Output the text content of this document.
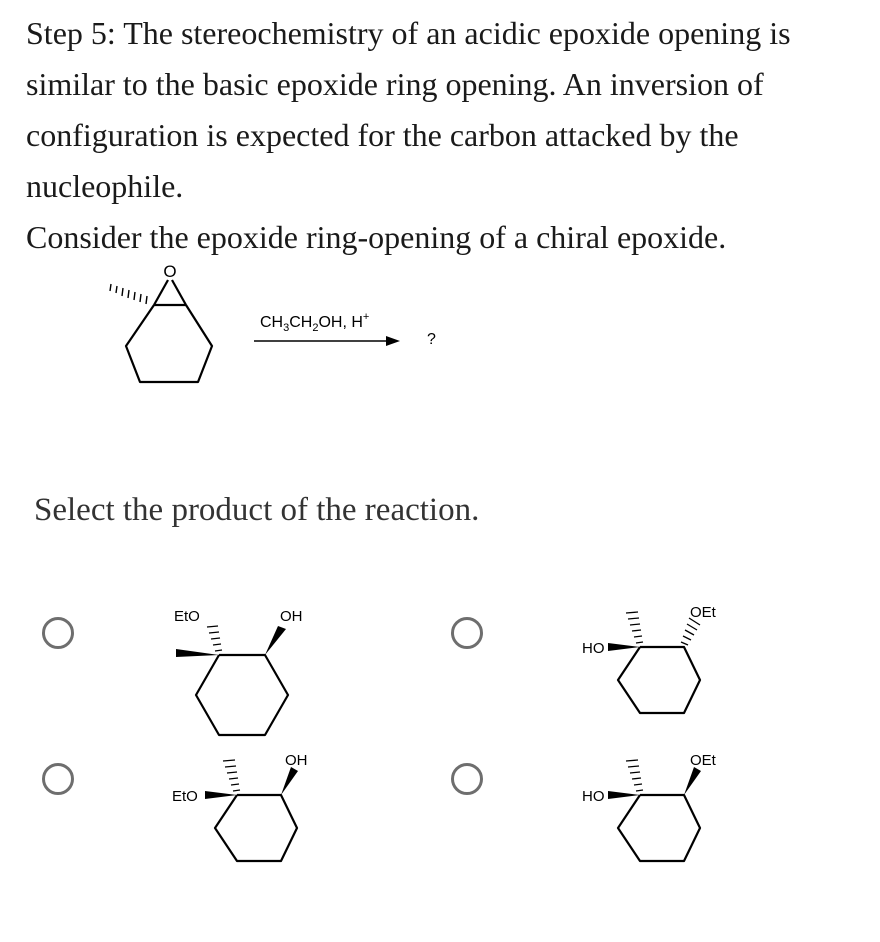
Step 5: The stereochemistry of an acidic epoxide opening is similar to the basic epoxide ring opening. An inversion of configuration is expected for the carbon attacked by the nucleophile.

Consider the epoxide ring-opening of a chiral epoxide.

O
$CH_3CH_2OH$, H+
?
Select the product of the reaction.
EtO	OH
HO
OEt
EtO
OH
HO
OEt
